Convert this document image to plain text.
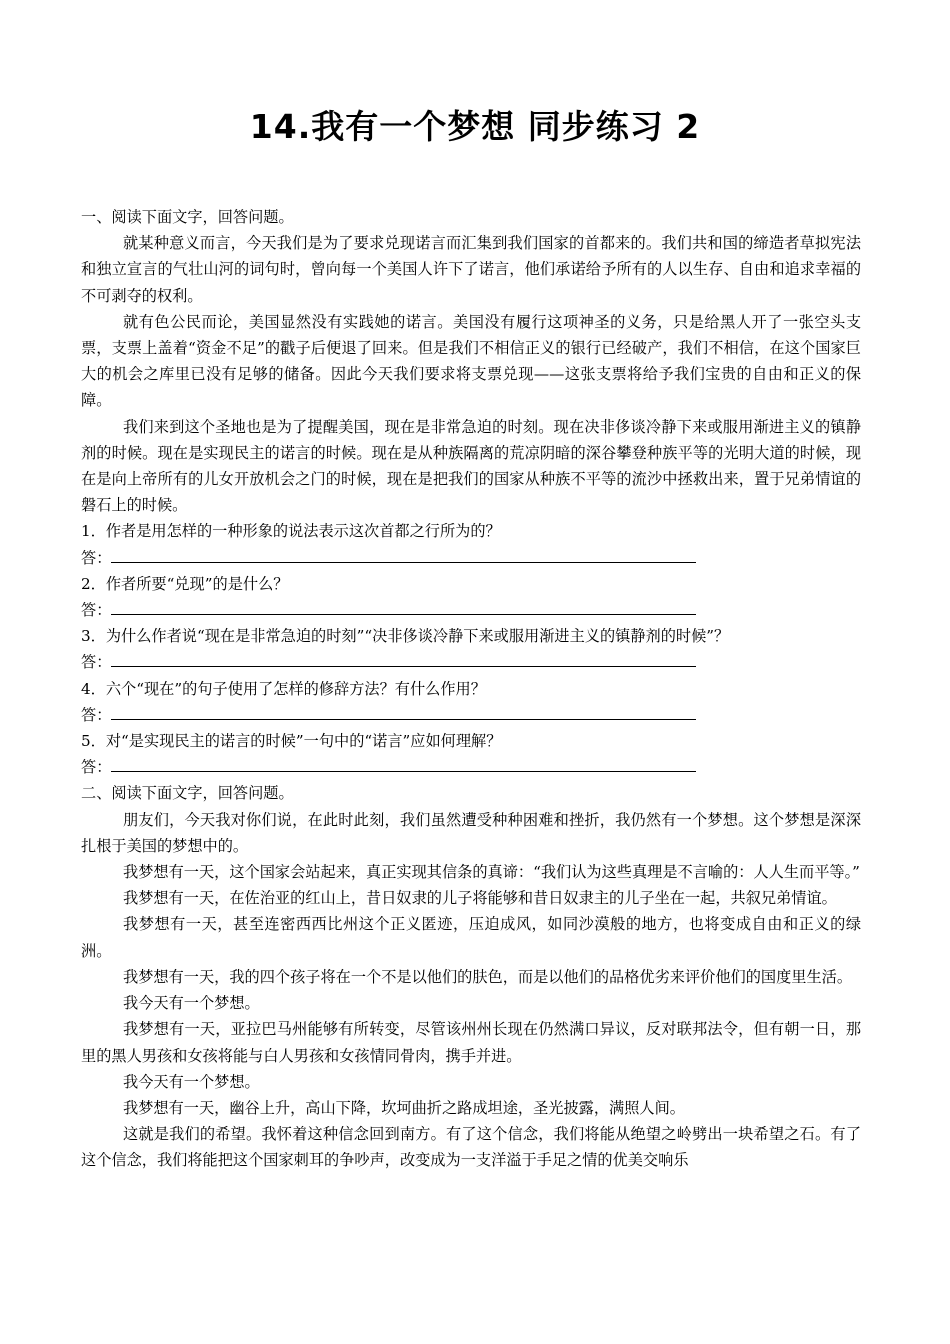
14.我有一个梦想 同步练习 2

一、阅读下面文字，回答问题。

就某种意义而言，今天我们是为了要求兑现诺言而汇集到我们国家的首都来的。我们共和国的缔造者草拟宪法和独立宣言的气壮山河的词句时，曾向每一个美国人许下了诺言，他们承诺给予所有的人以生存、自由和追求幸福的不可剥夺的权利。

就有色公民而论，美国显然没有实践她的诺言。美国没有履行这项神圣的义务，只是给黑人开了一张空头支票，支票上盖着“资金不足”的戳子后便退了回来。但是我们不相信正义的银行已经破产，我们不相信，在这个国家巨大的机会之库里已没有足够的储备。因此今天我们要求将支票兑现——这张支票将给予我们宝贵的自由和正义的保障。

我们来到这个圣地也是为了提醒美国，现在是非常急迫的时刻。现在决非侈谈冷静下来或服用渐进主义的镇静剂的时候。现在是实现民主的诺言的时候。现在是从种族隔离的荒凉阴暗的深谷攀登种族平等的光明大道的时候，现在是向上帝所有的儿女开放机会之门的时候，现在是把我们的国家从种族不平等的流沙中拯救出来，置于兄弟情谊的磐石上的时候。

1．作者是用怎样的一种形象的说法表示这次首都之行所为的？

答：

2．作者所要“兑现”的是什么？

答：

3．为什么作者说“现在是非常急迫的时刻”“决非侈谈冷静下来或服用渐进主义的镇静剂的时候”？

答：

4．六个“现在”的句子使用了怎样的修辞方法？有什么作用？

答：

5．对“是实现民主的诺言的时候”一句中的“诺言”应如何理解？

答：

二、阅读下面文字，回答问题。

朋友们，今天我对你们说，在此时此刻，我们虽然遭受种种困难和挫折，我仍然有一个梦想。这个梦想是深深扎根于美国的梦想中的。

我梦想有一天，这个国家会站起来，真正实现其信条的真谛：“我们认为这些真理是不言喻的：人人生而平等。”

我梦想有一天，在佐治亚的红山上，昔日奴隶的儿子将能够和昔日奴隶主的儿子坐在一起，共叙兄弟情谊。

我梦想有一天，甚至连密西西比州这个正义匿迹，压迫成风，如同沙漠般的地方，也将变成自由和正义的绿洲。

我梦想有一天，我的四个孩子将在一个不是以他们的肤色，而是以他们的品格优劣来评价他们的国度里生活。

我今天有一个梦想。

我梦想有一天，亚拉巴马州能够有所转变，尽管该州州长现在仍然满口异议，反对联邦法令，但有朝一日，那里的黑人男孩和女孩将能与白人男孩和女孩情同骨肉，携手并进。

我今天有一个梦想。

我梦想有一天，幽谷上升，高山下降，坎坷曲折之路成坦途，圣光披露，满照人间。

这就是我们的希望。我怀着这种信念回到南方。有了这个信念，我们将能从绝望之岭劈出一块希望之石。有了这个信念，我们将能把这个国家刺耳的争吵声，改变成为一支洋溢于手足之情的优美交响乐
